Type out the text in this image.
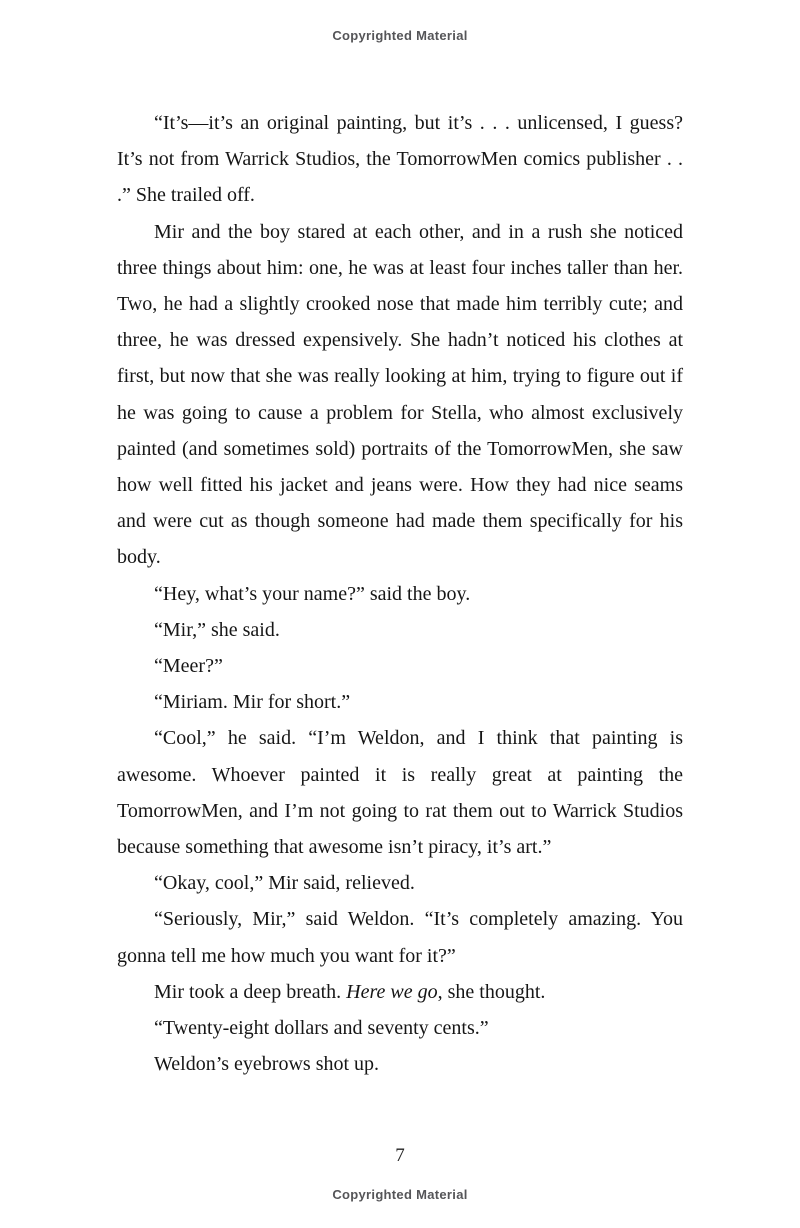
Copyrighted Material

“It’s—it’s an original painting, but it’s . . . unlicensed, I guess? It’s not from Warrick Studios, the TomorrowMen comics publisher . . .” She trailed off.

Mir and the boy stared at each other, and in a rush she noticed three things about him: one, he was at least four inches taller than her. Two, he had a slightly crooked nose that made him terribly cute; and three, he was dressed expensively. She hadn’t noticed his clothes at first, but now that she was really looking at him, trying to figure out if he was going to cause a problem for Stella, who almost exclusively painted (and sometimes sold) portraits of the TomorrowMen, she saw how well fitted his jacket and jeans were. How they had nice seams and were cut as though someone had made them specifically for his body.

“Hey, what’s your name?” said the boy.

“Mir,” she said.

“Meer?”

“Miriam. Mir for short.”

“Cool,” he said. “I’m Weldon, and I think that painting is awesome. Whoever painted it is really great at painting the TomorrowMen, and I’m not going to rat them out to Warrick Studios because something that awesome isn’t piracy, it’s art.”

“Okay, cool,” Mir said, relieved.

“Seriously, Mir,” said Weldon. “It’s completely amazing. You gonna tell me how much you want for it?”

Mir took a deep breath. Here we go, she thought.

“Twenty-eight dollars and seventy cents.”

Weldon’s eyebrows shot up.

7
Copyrighted Material
